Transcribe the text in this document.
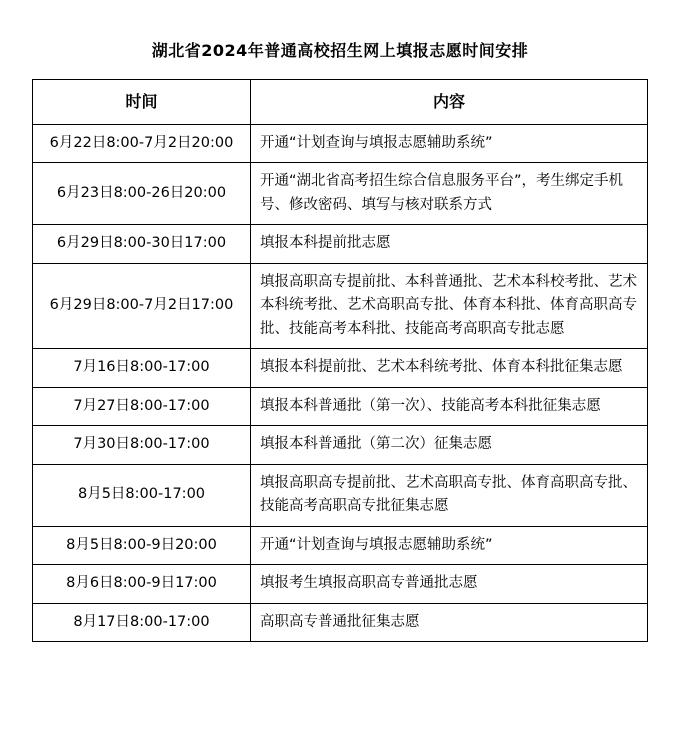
湖北省2024年普通高校招生网上填报志愿时间安排
时间	内容
6月22日8:00-7月2日20:00	开通“计划查询与填报志愿辅助系统”
6月23日8:00-26日20:00	开通“湖北省高考招生综合信息服务平台”，考生绑定手机号、修改密码、填写与核对联系方式
6月29日8:00-30日17:00	填报本科提前批志愿
6月29日8:00-7月2日17:00	填报高职高专提前批、本科普通批、艺术本科校考批、艺术本科统考批、艺术高职高专批、体育本科批、体育高职高专批、技能高考本科批、技能高考高职高专批志愿
7月16日8:00-17:00	填报本科提前批、艺术本科统考批、体育本科批征集志愿
7月27日8:00-17:00	填报本科普通批（第一次）、技能高考本科批征集志愿
7月30日8:00-17:00	填报本科普通批（第二次）征集志愿
8月5日8:00-17:00	填报高职高专提前批、艺术高职高专批、体育高职高专批、技能高考高职高专批征集志愿
8月5日8:00-9日20:00	开通“计划查询与填报志愿辅助系统”
8月6日8:00-9日17:00	填报考生填报高职高专普通批志愿
8月17日8:00-17:00	高职高专普通批征集志愿
